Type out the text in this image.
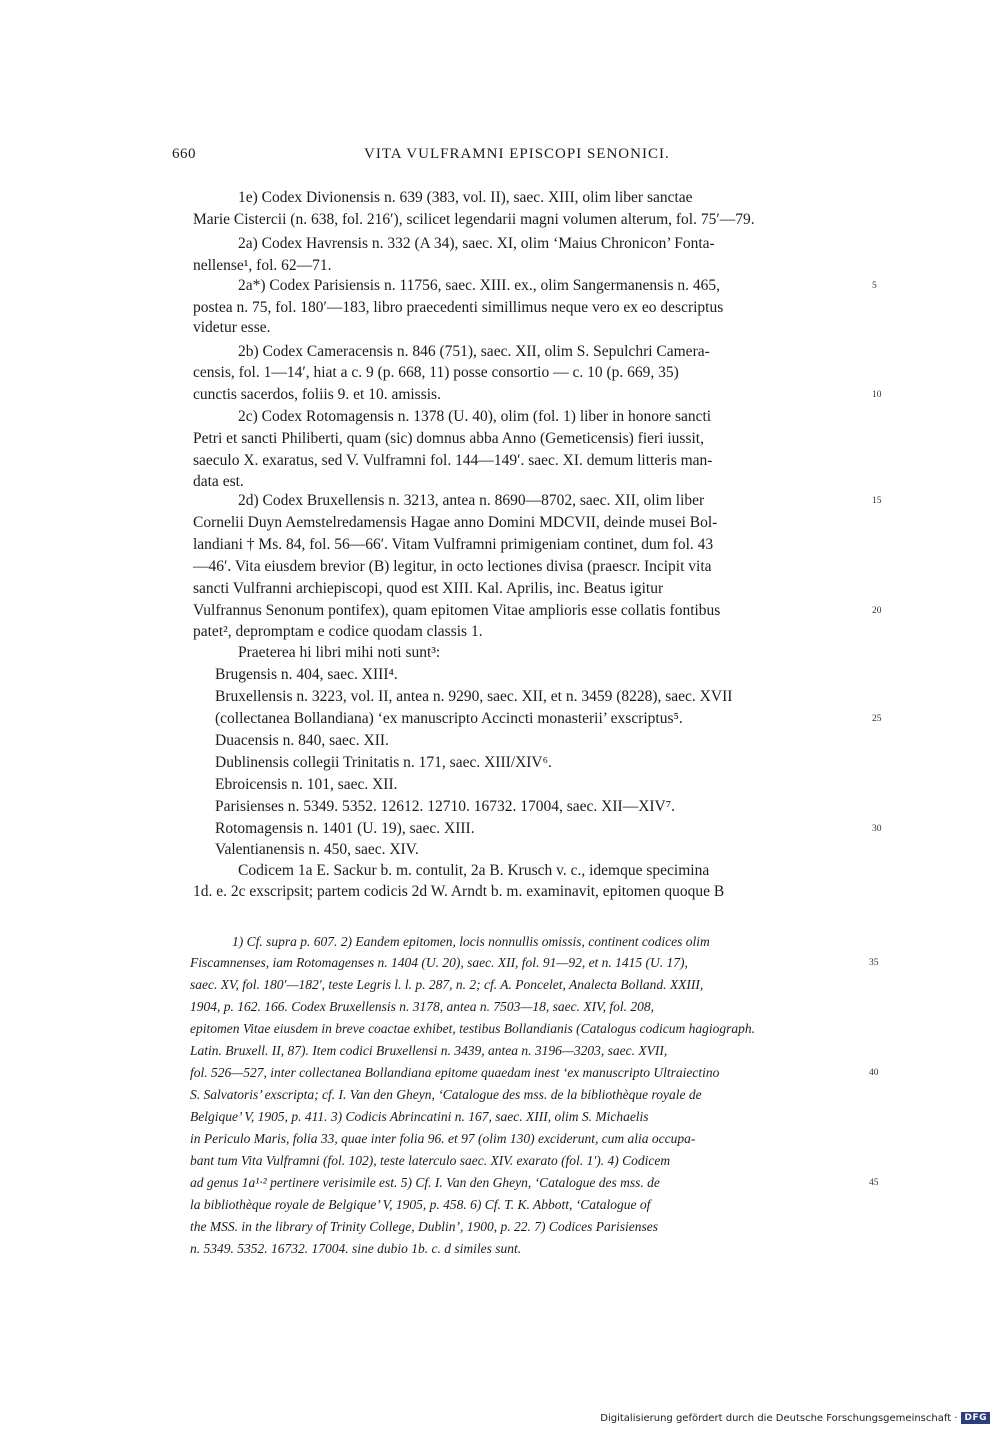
660	VITA VULFRAMNI EPISCOPI SENONICI.
1e) Codex Divionensis n. 639 (383, vol. II), saec. XIII, olim liber sanctae
Marie Cistercii (n. 638, fol. 216′), scilicet legendarii magni volumen alterum, fol. 75′—79.
2a) Codex Havrensis n. 332 (A 34), saec. XI, olim ‘Maius Chronicon’ Fonta-
nellense¹, fol. 62—71.
2a*) Codex Parisiensis n. 11756, saec. XIII. ex., olim Sangermanensis n. 465,
postea n. 75, fol. 180′—183, libro praecedenti simillimus neque vero ex eo descriptus
videtur esse.
2b) Codex Cameracensis n. 846 (751), saec. XII, olim S. Sepulchri Camera-
censis, fol. 1—14′, hiat a c. 9 (p. 668, 11) posse consortio — c. 10 (p. 669, 35)
cunctis sacerdos, foliis 9. et 10. amissis.
2c) Codex Rotomagensis n. 1378 (U. 40), olim (fol. 1) liber in honore sancti
Petri et sancti Philiberti, quam (sic) domnus abba Anno (Gemeticensis) fieri iussit,
saeculo X. exaratus, sed V. Vulframni fol. 144—149′. saec. XI. demum litteris man-
data est.
2d) Codex Bruxellensis n. 3213, antea n. 8690—8702, saec. XII, olim liber
Cornelii Duyn Aemstelredamensis Hagae anno Domini MDCVII, deinde musei Bol-
landiani † Ms. 84, fol. 56—66′. Vitam Vulframni primigeniam continet, dum fol. 43
—46′. Vita eiusdem brevior (B) legitur, in octo lectiones divisa (praescr. Incipit vita
sancti Vulfranni archiepiscopi, quod est XIII. Kal. Aprilis, inc. Beatus igitur
Vulfrannus Senonum pontifex), quam epitomen Vitae amplioris esse collatis fontibus
patet², depromptam e codice quodam classis 1.
Praeterea hi libri mihi noti sunt³:
Brugensis n. 404, saec. XIII⁴.
Bruxellensis n. 3223, vol. II, antea n. 9290, saec. XII, et n. 3459 (8228), saec. XVII
(collectanea Bollandiana) ‘ex manuscripto Accincti monasterii’ exscriptus⁵.
Duacensis n. 840, saec. XII.
Dublinensis collegii Trinitatis n. 171, saec. XIII/XIV⁶.
Ebroicensis n. 101, saec. XII.
Parisienses n. 5349. 5352. 12612. 12710. 16732. 17004, saec. XII—XIV⁷.
Rotomagensis n. 1401 (U. 19), saec. XIII.
Valentianensis n. 450, saec. XIV.
Codicem 1a E. Sackur b. m. contulit, 2a B. Krusch v. c., idemque specimina
1d. e. 2c exscripsit; partem codicis 2d W. Arndt b. m. examinavit, epitomen quoque B
5
10
15
20
25
30
1) Cf. supra p. 607. 2) Eandem epitomen, locis nonnullis omissis, continent codices olim
Fiscamnenses, iam Rotomagenses n. 1404 (U. 20), saec. XII, fol. 91—92, et n. 1415 (U. 17),
saec. XV, fol. 180′—182′, teste Legris l. l. p. 287, n. 2; cf. A. Poncelet, Analecta Bolland. XXIII,
1904, p. 162. 166. Codex Bruxellensis n. 3178, antea n. 7503—18, saec. XIV, fol. 208,
epitomen Vitae eiusdem in breve coactae exhibet, testibus Bollandianis (Catalogus codicum hagiograph.
Latin. Bruxell. II, 87). Item codici Bruxellensi n. 3439, antea n. 3196—3203, saec. XVII,
fol. 526—527, inter collectanea Bollandiana epitome quaedam inest ‘ex manuscripto Ultraiectino
S. Salvatoris’ exscripta; cf. I. Van den Gheyn, ‘Catalogue des mss. de la bibliothèque royale de
Belgique’ V, 1905, p. 411. 3) Codicis Abrincatini n. 167, saec. XIII, olim S. Michaelis
in Periculo Maris, folia 33, quae inter folia 96. et 97 (olim 130) exciderunt, cum alia occupa-
bant tum Vita Vulframni (fol. 102), teste laterculo saec. XIV. exarato (fol. 1′). 4) Codicem
ad genus 1a¹·² pertinere verisimile est. 5) Cf. I. Van den Gheyn, ‘Catalogue des mss. de
la bibliothèque royale de Belgique’ V, 1905, p. 458. 6) Cf. T. K. Abbott, ‘Catalogue of
the MSS. in the library of Trinity College, Dublin’, 1900, p. 22. 7) Codices Parisienses
n. 5349. 5352. 16732. 17004. sine dubio 1b. c. d similes sunt.
35
40
45
Digitalisierung gefördert durch die Deutsche Forschungsgemeinschaft · DFG
